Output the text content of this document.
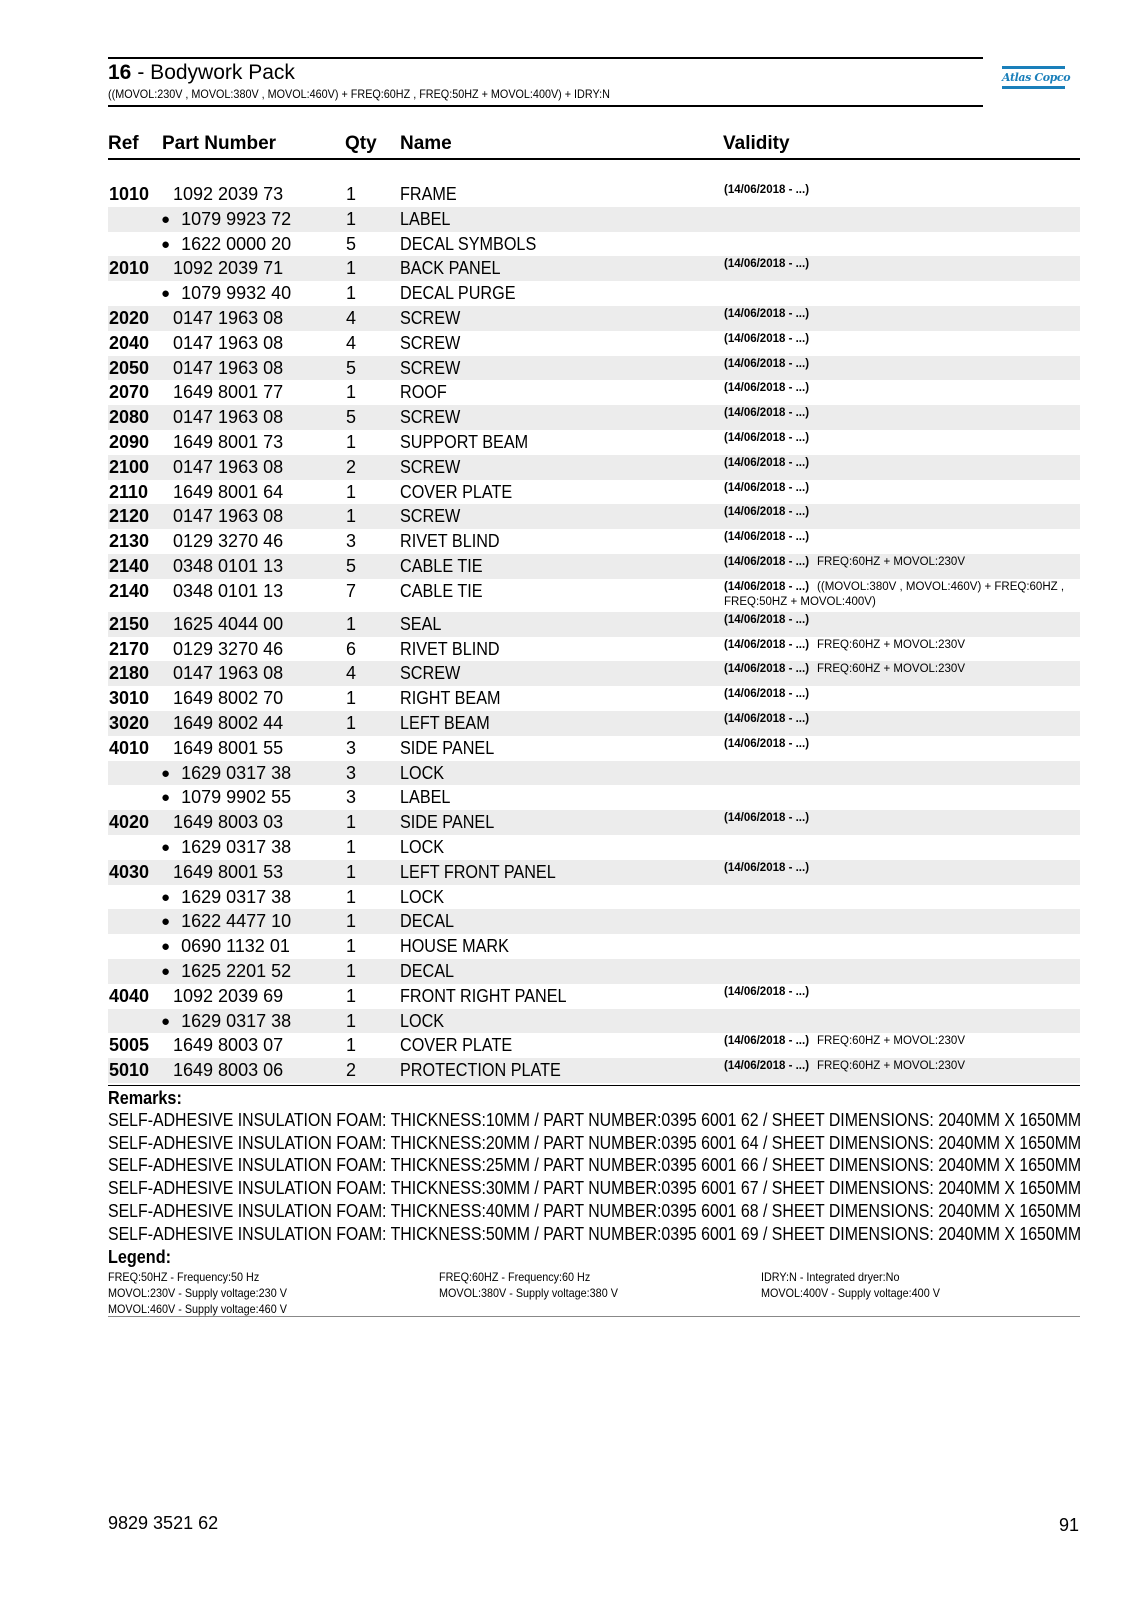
16 - Bodywork Pack
((MOVOL:230V , MOVOL:380V , MOVOL:460V) + FREQ:60HZ , FREQ:50HZ + MOVOL:400V) + IDRY:N
Atlas Copco
Ref Part Number	Qty Name	Validity
1010 1092 2039 73	1 FRAME	(14/06/2018 - ...)
● 1079 9923 72	1 LABEL
● 1622 0000 20	5 DECAL SYMBOLS
2010 1092 2039 71	1 BACK PANEL	(14/06/2018 - ...)
● 1079 9932 40	1 DECAL PURGE
2020 0147 1963 08	4 SCREW	(14/06/2018 - ...)
2040 0147 1963 08	4 SCREW	(14/06/2018 - ...)
2050 0147 1963 08	5 SCREW	(14/06/2018 - ...)
2070 1649 8001 77	1 ROOF	(14/06/2018 - ...)
2080 0147 1963 08	5 SCREW	(14/06/2018 - ...)
2090 1649 8001 73	1 SUPPORT BEAM	(14/06/2018 - ...)
2100 0147 1963 08	2 SCREW	(14/06/2018 - ...)
2110 1649 8001 64	1 COVER PLATE	(14/06/2018 - ...)
2120 0147 1963 08	1 SCREW	(14/06/2018 - ...)
2130 0129 3270 46	3 RIVET BLIND	(14/06/2018 - ...)
2140 0348 0101 13	5 CABLE TIE	(14/06/2018 - ...) FREQ:60HZ + MOVOL:230V
2140 0348 0101 13	7 CABLE TIE	(14/06/2018 - ...) ((MOVOL:380V , MOVOL:460V) + FREQ:60HZ ,
FREQ:50HZ + MOVOL:400V)
2150 1625 4044 00	1 SEAL	(14/06/2018 - ...)
2170 0129 3270 46	6 RIVET BLIND	(14/06/2018 - ...) FREQ:60HZ + MOVOL:230V
2180 0147 1963 08	4 SCREW	(14/06/2018 - ...) FREQ:60HZ + MOVOL:230V
3010 1649 8002 70	1 RIGHT BEAM	(14/06/2018 - ...)
3020 1649 8002 44	1 LEFT BEAM	(14/06/2018 - ...)
4010 1649 8001 55	3 SIDE PANEL	(14/06/2018 - ...)
● 1629 0317 38	3 LOCK
● 1079 9902 55	3 LABEL
4020 1649 8003 03	1 SIDE PANEL	(14/06/2018 - ...)
● 1629 0317 38	1 LOCK
4030 1649 8001 53	1 LEFT FRONT PANEL	(14/06/2018 - ...)
● 1629 0317 38	1 LOCK
● 1622 4477 10	1 DECAL
● 0690 1132 01	1 HOUSE MARK
● 1625 2201 52	1 DECAL
4040 1092 2039 69	1 FRONT RIGHT PANEL	(14/06/2018 - ...)
● 1629 0317 38	1 LOCK
5005 1649 8003 07	1 COVER PLATE	(14/06/2018 - ...) FREQ:60HZ + MOVOL:230V
5010 1649 8003 06	2 PROTECTION PLATE	(14/06/2018 - ...) FREQ:60HZ + MOVOL:230V
Remarks:
SELF-ADHESIVE INSULATION FOAM: THICKNESS:10MM / PART NUMBER:0395 6001 62 / SHEET DIMENSIONS: 2040MM X 1650MM
SELF-ADHESIVE INSULATION FOAM: THICKNESS:20MM / PART NUMBER:0395 6001 64 / SHEET DIMENSIONS: 2040MM X 1650MM
SELF-ADHESIVE INSULATION FOAM: THICKNESS:25MM / PART NUMBER:0395 6001 66 / SHEET DIMENSIONS: 2040MM X 1650MM
SELF-ADHESIVE INSULATION FOAM: THICKNESS:30MM / PART NUMBER:0395 6001 67 / SHEET DIMENSIONS: 2040MM X 1650MM
SELF-ADHESIVE INSULATION FOAM: THICKNESS:40MM / PART NUMBER:0395 6001 68 / SHEET DIMENSIONS: 2040MM X 1650MM
SELF-ADHESIVE INSULATION FOAM: THICKNESS:50MM / PART NUMBER:0395 6001 69 / SHEET DIMENSIONS: 2040MM X 1650MM
Legend:
FREQ:50HZ - Frequency:50 Hz	FREQ:60HZ - Frequency:60 Hz	IDRY:N - Integrated dryer:No
MOVOL:230V - Supply voltage:230 V	MOVOL:380V - Supply voltage:380 V	MOVOL:400V - Supply voltage:400 V
MOVOL:460V - Supply voltage:460 V
9829 3521 62	91
